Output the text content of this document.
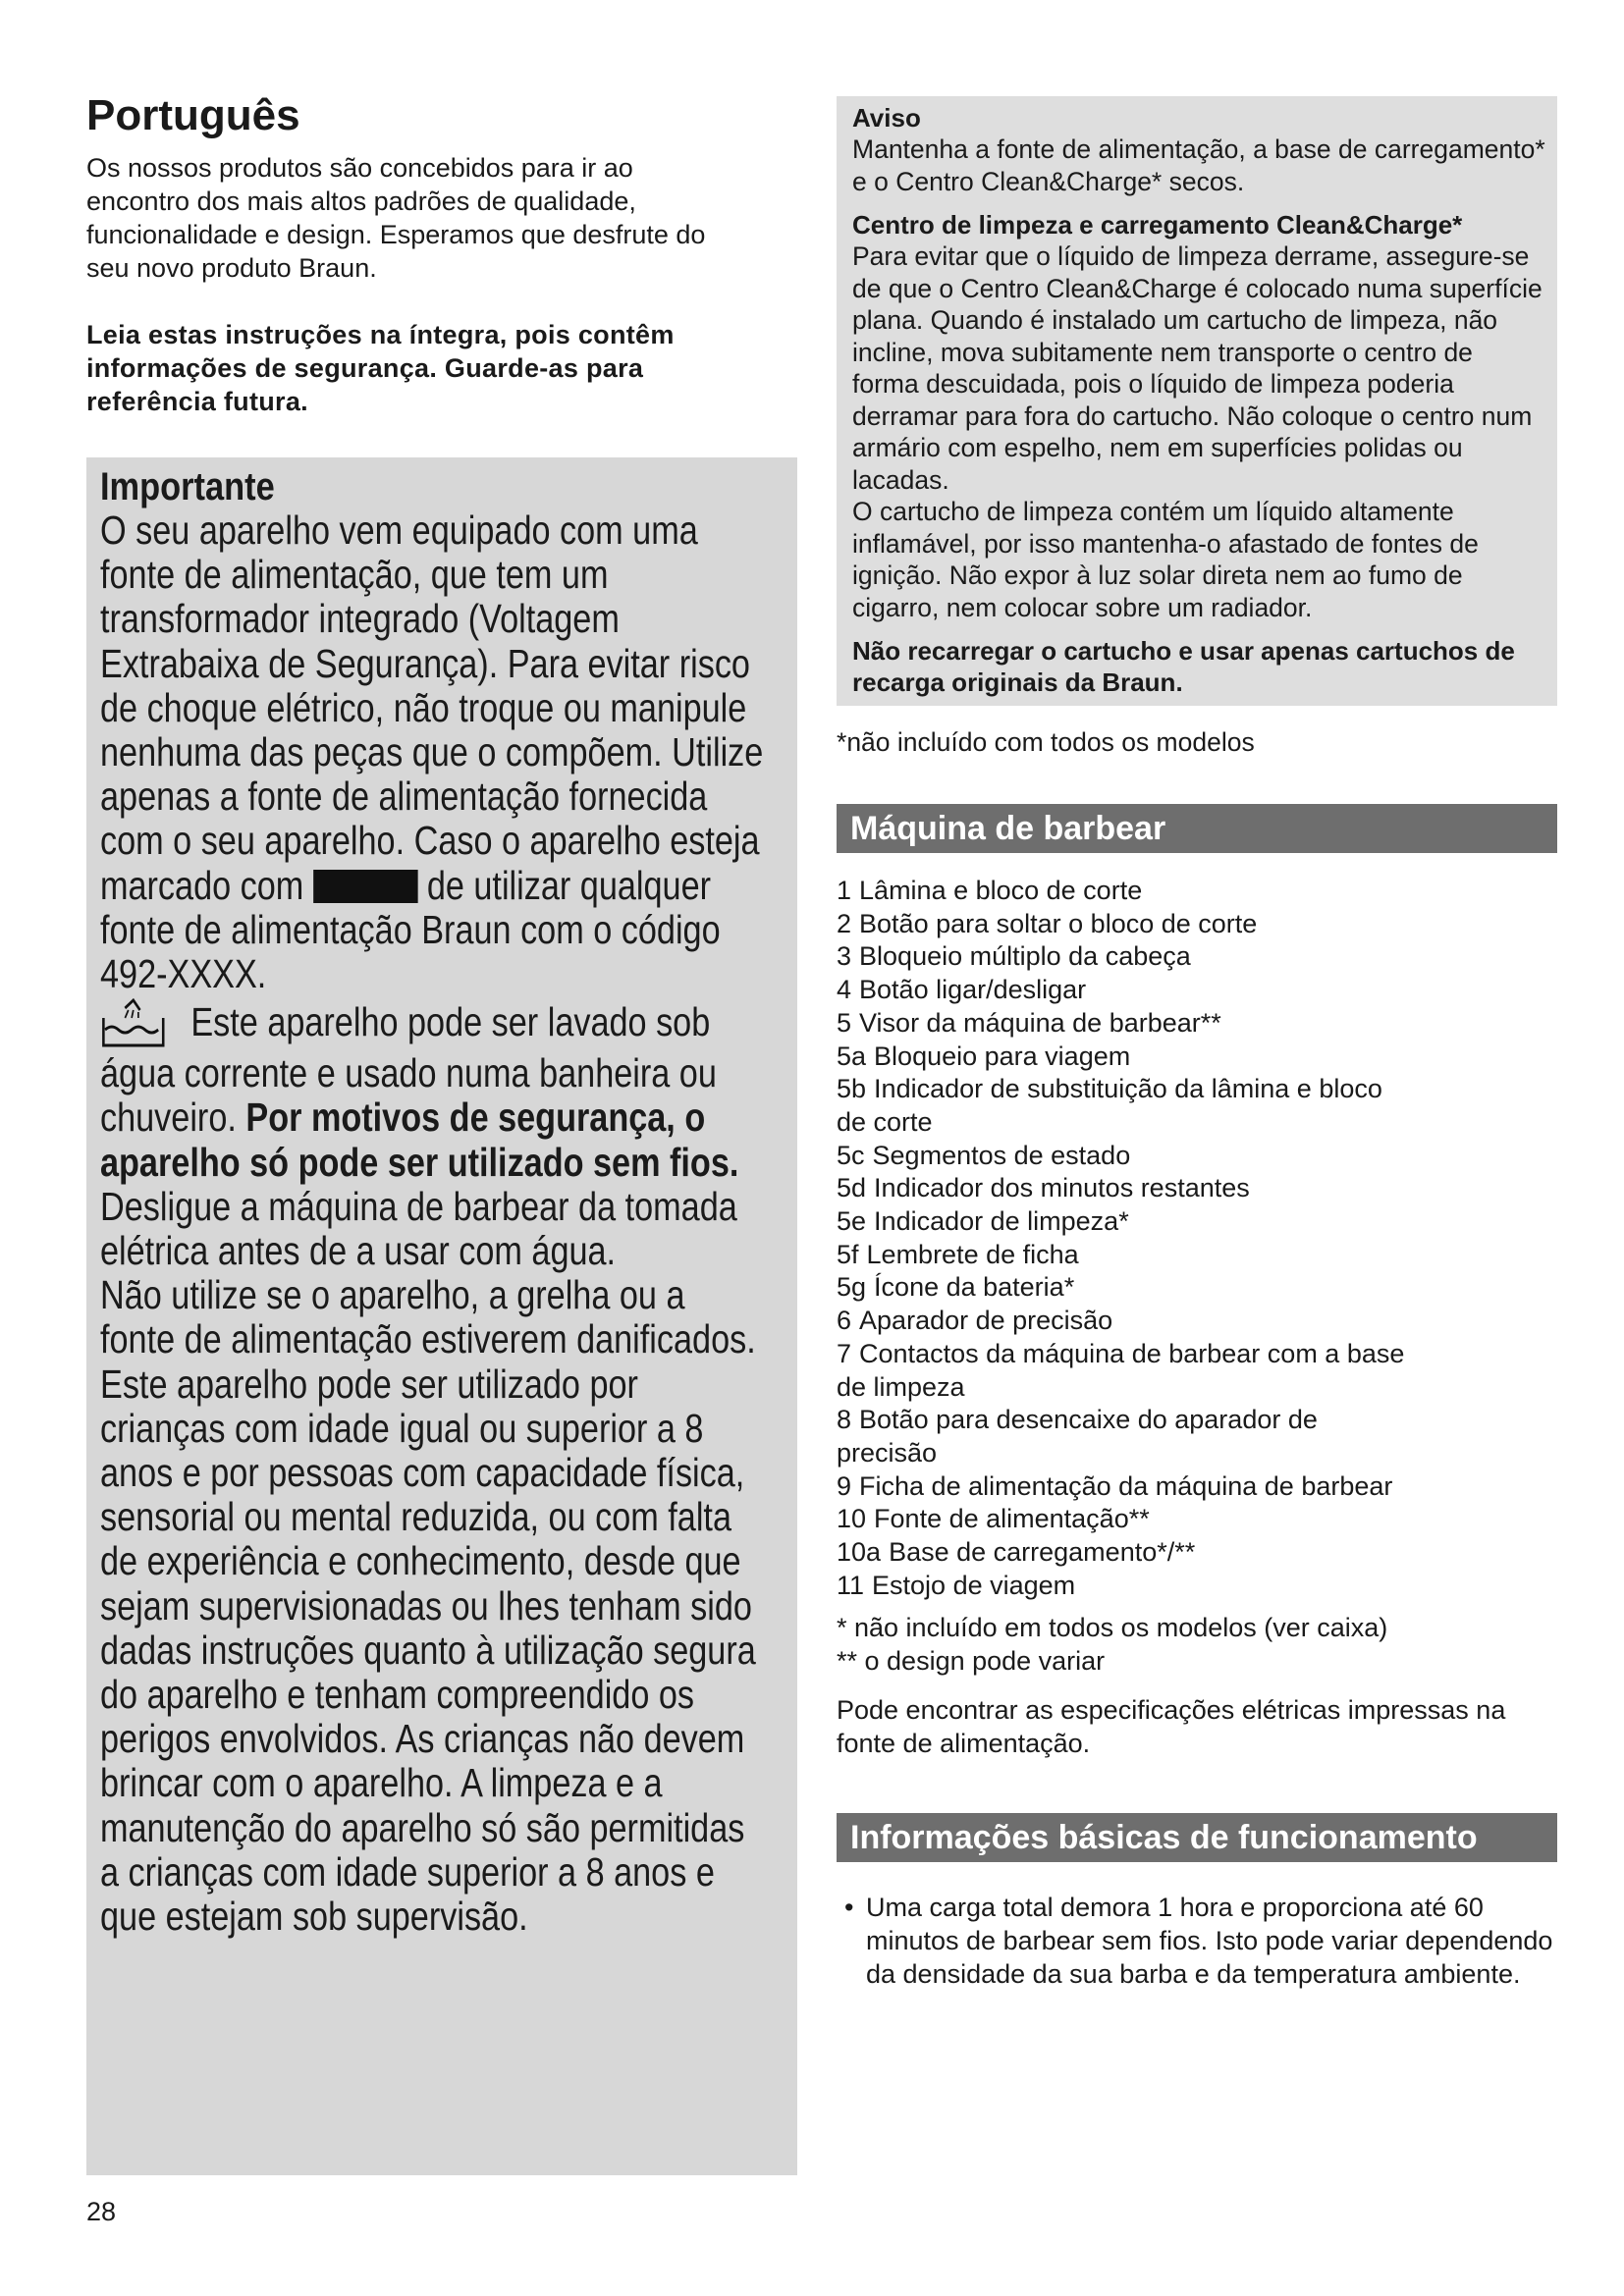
Português

Os nossos produtos são concebidos para ir ao encontro dos mais altos padrões de qualidade, funcionalidade e design. Esperamos que desfrute do seu novo produto Braun.

Leia estas instruções na íntegra, pois contêm informações de segurança. Guarde-as para referência futura.

Importante

O seu aparelho vem equipado com uma fonte de alimentação, que tem um transformador integrado (Voltagem Extrabaixa de Segurança). Para evitar risco de choque elétrico, não troque ou manipule nenhuma das peças que o compõem. Utilize apenas a fonte de alimentação fornecida com o seu aparelho. Caso o aparelho esteja marcado com	de utilizar qualquer fonte de alimentação Braun com o código 492-XXXX.

Este aparelho pode ser lavado sob água corrente e usado numa banheira ou chuveiro. Por motivos de segurança, o aparelho só pode ser utilizado sem fios. Desligue a máquina de barbear da tomada elétrica antes de a usar com água.

Não utilize se o aparelho, a grelha ou a fonte de alimentação estiverem danificados.

Este aparelho pode ser utilizado por crianças com idade igual ou superior a 8 anos e por pessoas com capacidade física, sensorial ou mental reduzida, ou com falta de experiência e conhecimento, desde que sejam supervisionadas ou lhes tenham sido dadas instruções quanto à utilização segura do aparelho e tenham compreendido os perigos envolvidos. As crianças não devem brincar com o aparelho. A limpeza e a manutenção do aparelho só são permitidas a crianças com idade superior a 8 anos e que estejam sob supervisão.

28
Aviso
Mantenha a fonte de alimentação, a base de carregamento* e o Centro Clean&Charge* secos.
Centro de limpeza e carregamento Clean&Charge*
Para evitar que o líquido de limpeza derrame, assegure-se de que o Centro Clean&Charge é colocado numa superfície plana. Quando é instalado um cartucho de limpeza, não incline, mova subitamente nem transporte o centro de forma descuidada, pois o líquido de limpeza poderia derramar para fora do cartucho. Não coloque o centro num armário com espelho, nem em superfícies polidas ou lacadas.
O cartucho de limpeza contém um líquido altamente inflamável, por isso mantenha-o afastado de fontes de ignição. Não expor à luz solar direta nem ao fumo de cigarro, nem colocar sobre um radiador.
Não recarregar o cartucho e usar apenas cartuchos de recarga originais da Braun.
*não incluído com todos os modelos
Máquina de barbear
1 Lâmina e bloco de corte
2 Botão para soltar o bloco de corte
3 Bloqueio múltiplo da cabeça
4 Botão ligar/desligar
5 Visor da máquina de barbear**
5a Bloqueio para viagem
5b Indicador de substituição da lâmina e bloco
de corte
5c Segmentos de estado
5d Indicador dos minutos restantes
5e Indicador de limpeza*
5f Lembrete de ficha
5g Ícone da bateria*
6 Aparador de precisão
7 Contactos da máquina de barbear com a base
de limpeza
8 Botão para desencaixe do aparador de
precisão
9 Ficha de alimentação da máquina de barbear
10 Fonte de alimentação**
10a Base de carregamento*/**
11 Estojo de viagem
* não incluído em todos os modelos (ver caixa)
** o design pode variar
Pode encontrar as especificações elétricas impressas na fonte de alimentação.
Informações básicas de funcionamento
• Uma carga total demora 1 hora e proporciona até 60 minutos de barbear sem fios. Isto pode variar dependendo da densidade da sua barba e da temperatura ambiente.
